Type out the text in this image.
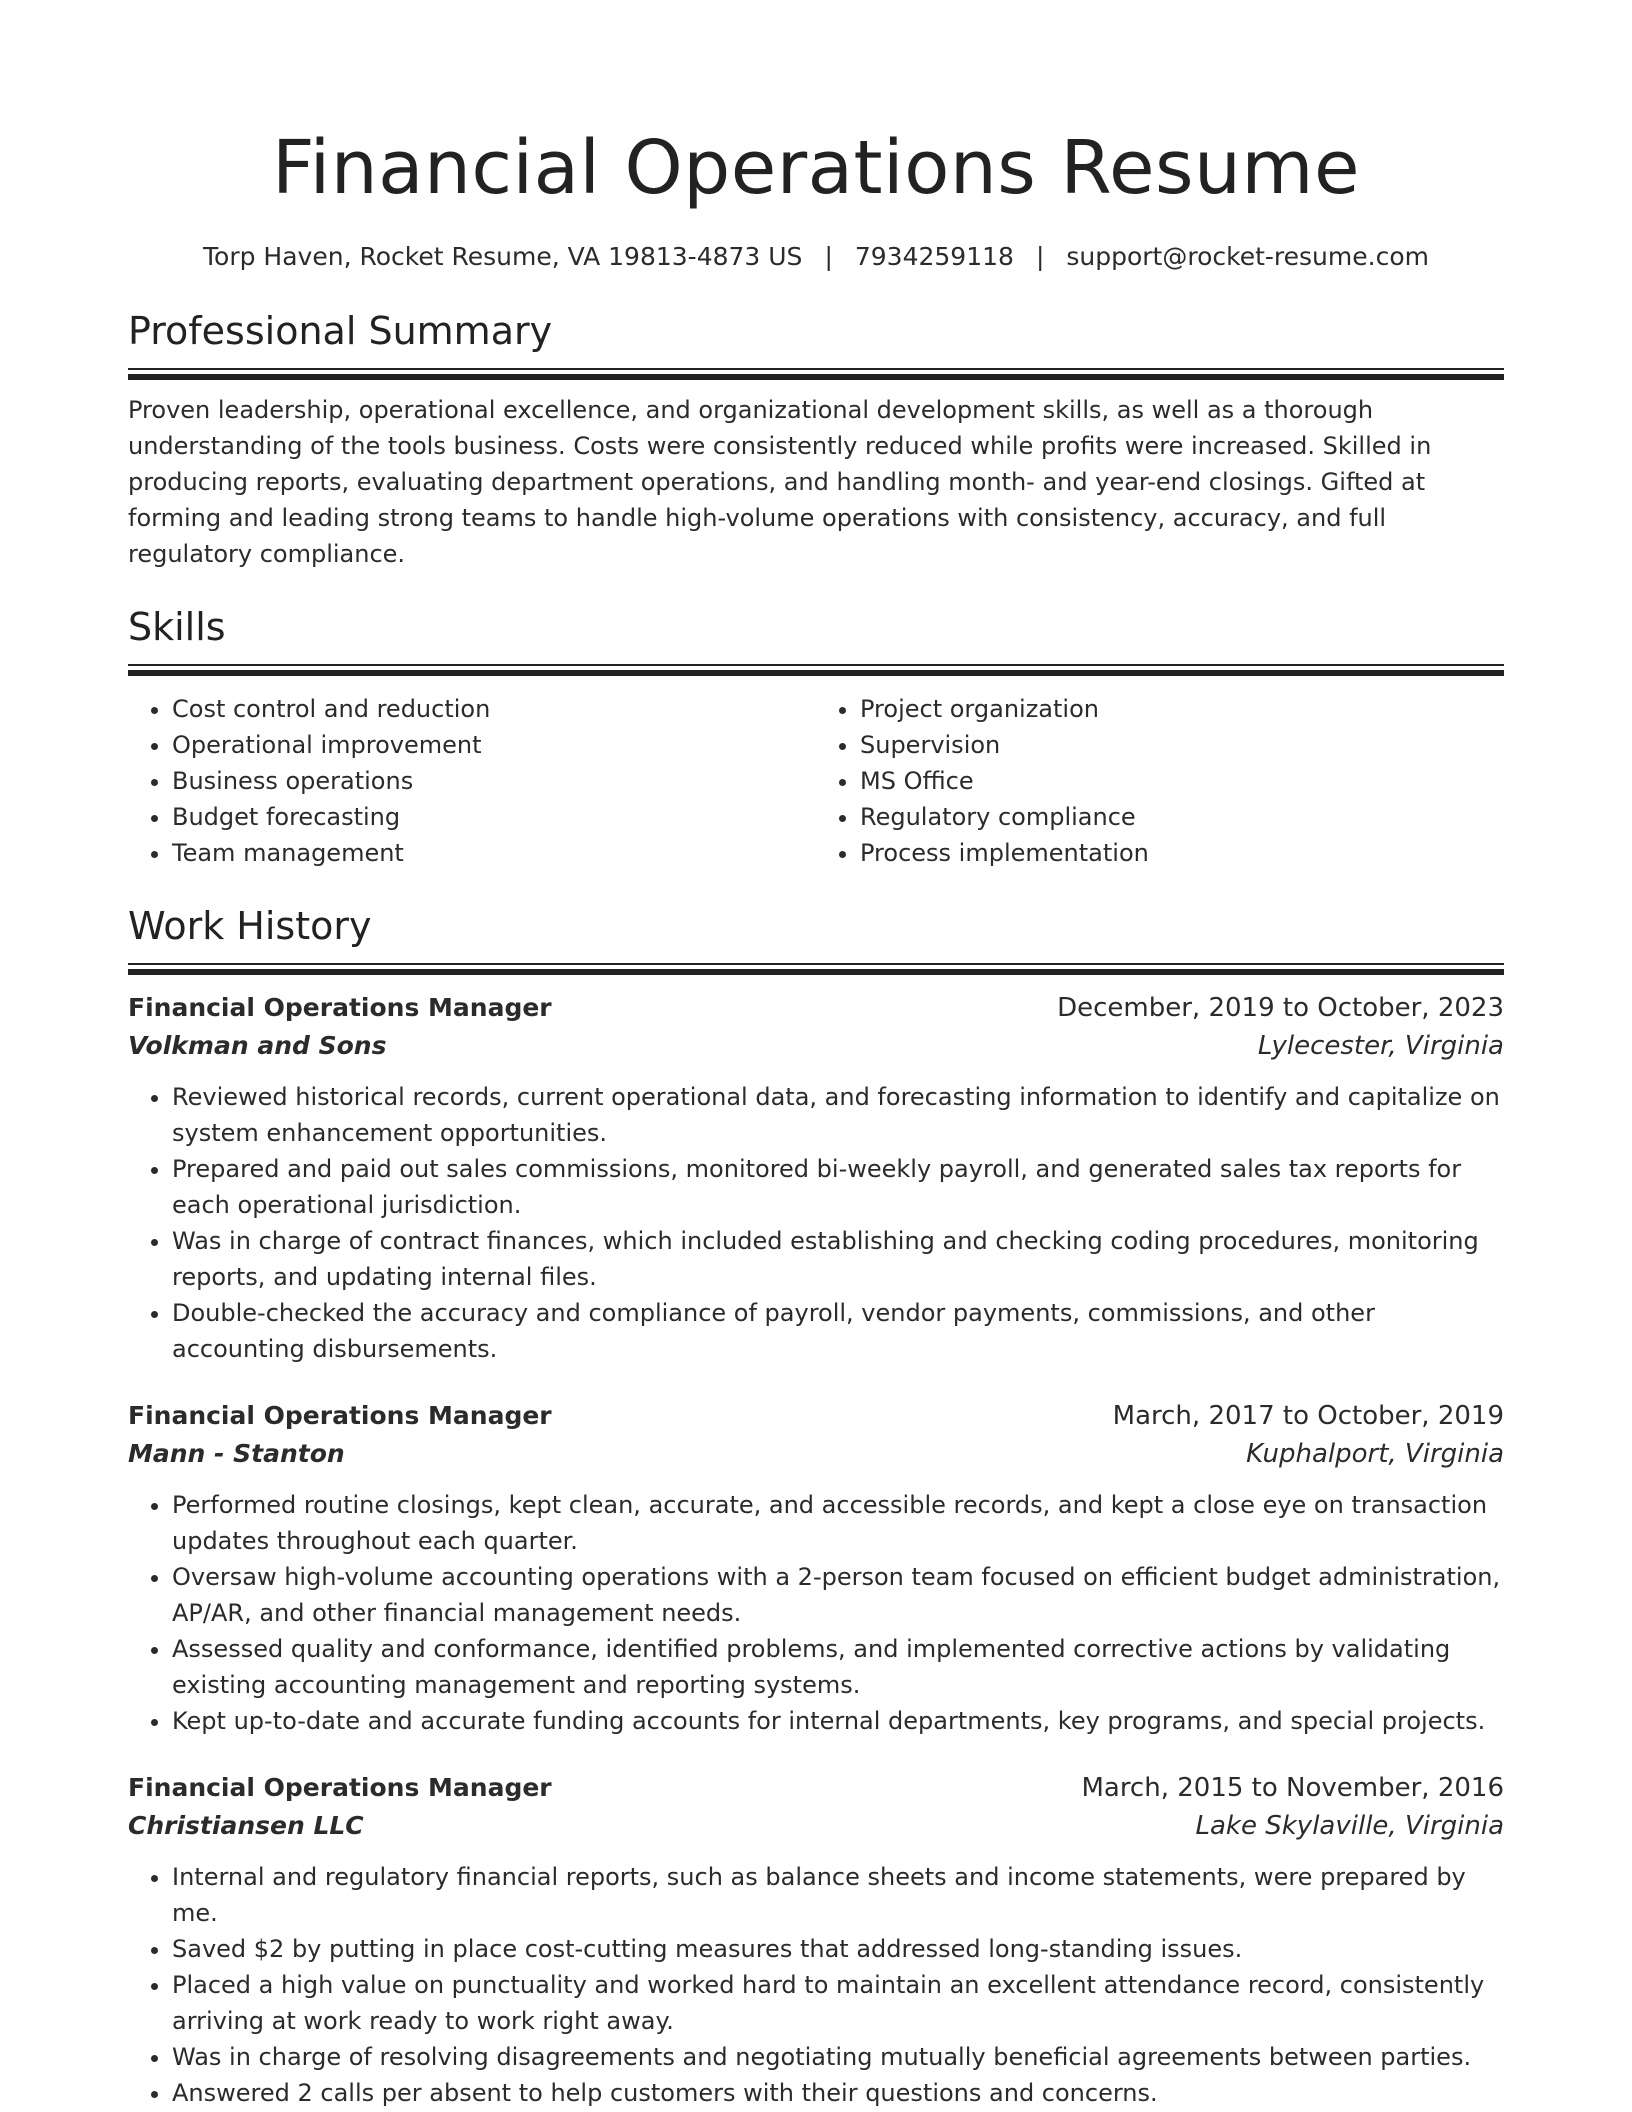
Financial Operations Resume
Torp Haven, Rocket Resume, VA 19813-4873 US | 7934259118 | support@rocket-resume.com
Professional Summary
Proven leadership, operational excellence, and organizational development skills, as well as a thorough understanding of the tools business. Costs were consistently reduced while profits were increased. Skilled in producing reports, evaluating department operations, and handling month- and year-end closings. Gifted at forming and leading strong teams to handle high-volume operations with consistency, accuracy, and full regulatory compliance.
Skills
• Cost control and reduction
• Operational improvement
• Business operations
• Budget forecasting
• Team management
• Project organization
• Supervision
• MS Office
• Regulatory compliance
• Process implementation
Work History
Financial Operations Manager	December, 2019 to October, 2023
Volkman and Sons	Lylecester, Virginia
• Reviewed historical records, current operational data, and forecasting information to identify and capitalize on system enhancement opportunities.
• Prepared and paid out sales commissions, monitored bi-weekly payroll, and generated sales tax reports for each operational jurisdiction.
• Was in charge of contract finances, which included establishing and checking coding procedures, monitoring reports, and updating internal files.
• Double-checked the accuracy and compliance of payroll, vendor payments, commissions, and other accounting disbursements.
Financial Operations Manager	March, 2017 to October, 2019
Mann - Stanton	Kuphalport, Virginia
• Performed routine closings, kept clean, accurate, and accessible records, and kept a close eye on transaction updates throughout each quarter.
• Oversaw high-volume accounting operations with a 2-person team focused on efficient budget administration, AP/AR, and other financial management needs.
• Assessed quality and conformance, identified problems, and implemented corrective actions by validating existing accounting management and reporting systems.
• Kept up-to-date and accurate funding accounts for internal departments, key programs, and special projects.
Financial Operations Manager	March, 2015 to November, 2016
Christiansen LLC	Lake Skylaville, Virginia
• Internal and regulatory financial reports, such as balance sheets and income statements, were prepared by me.
• Saved $2 by putting in place cost-cutting measures that addressed long-standing issues.
• Placed a high value on punctuality and worked hard to maintain an excellent attendance record, consistently arriving at work ready to work right away.
• Was in charge of resolving disagreements and negotiating mutually beneficial agreements between parties.
• Answered 2 calls per absent to help customers with their questions and concerns.
